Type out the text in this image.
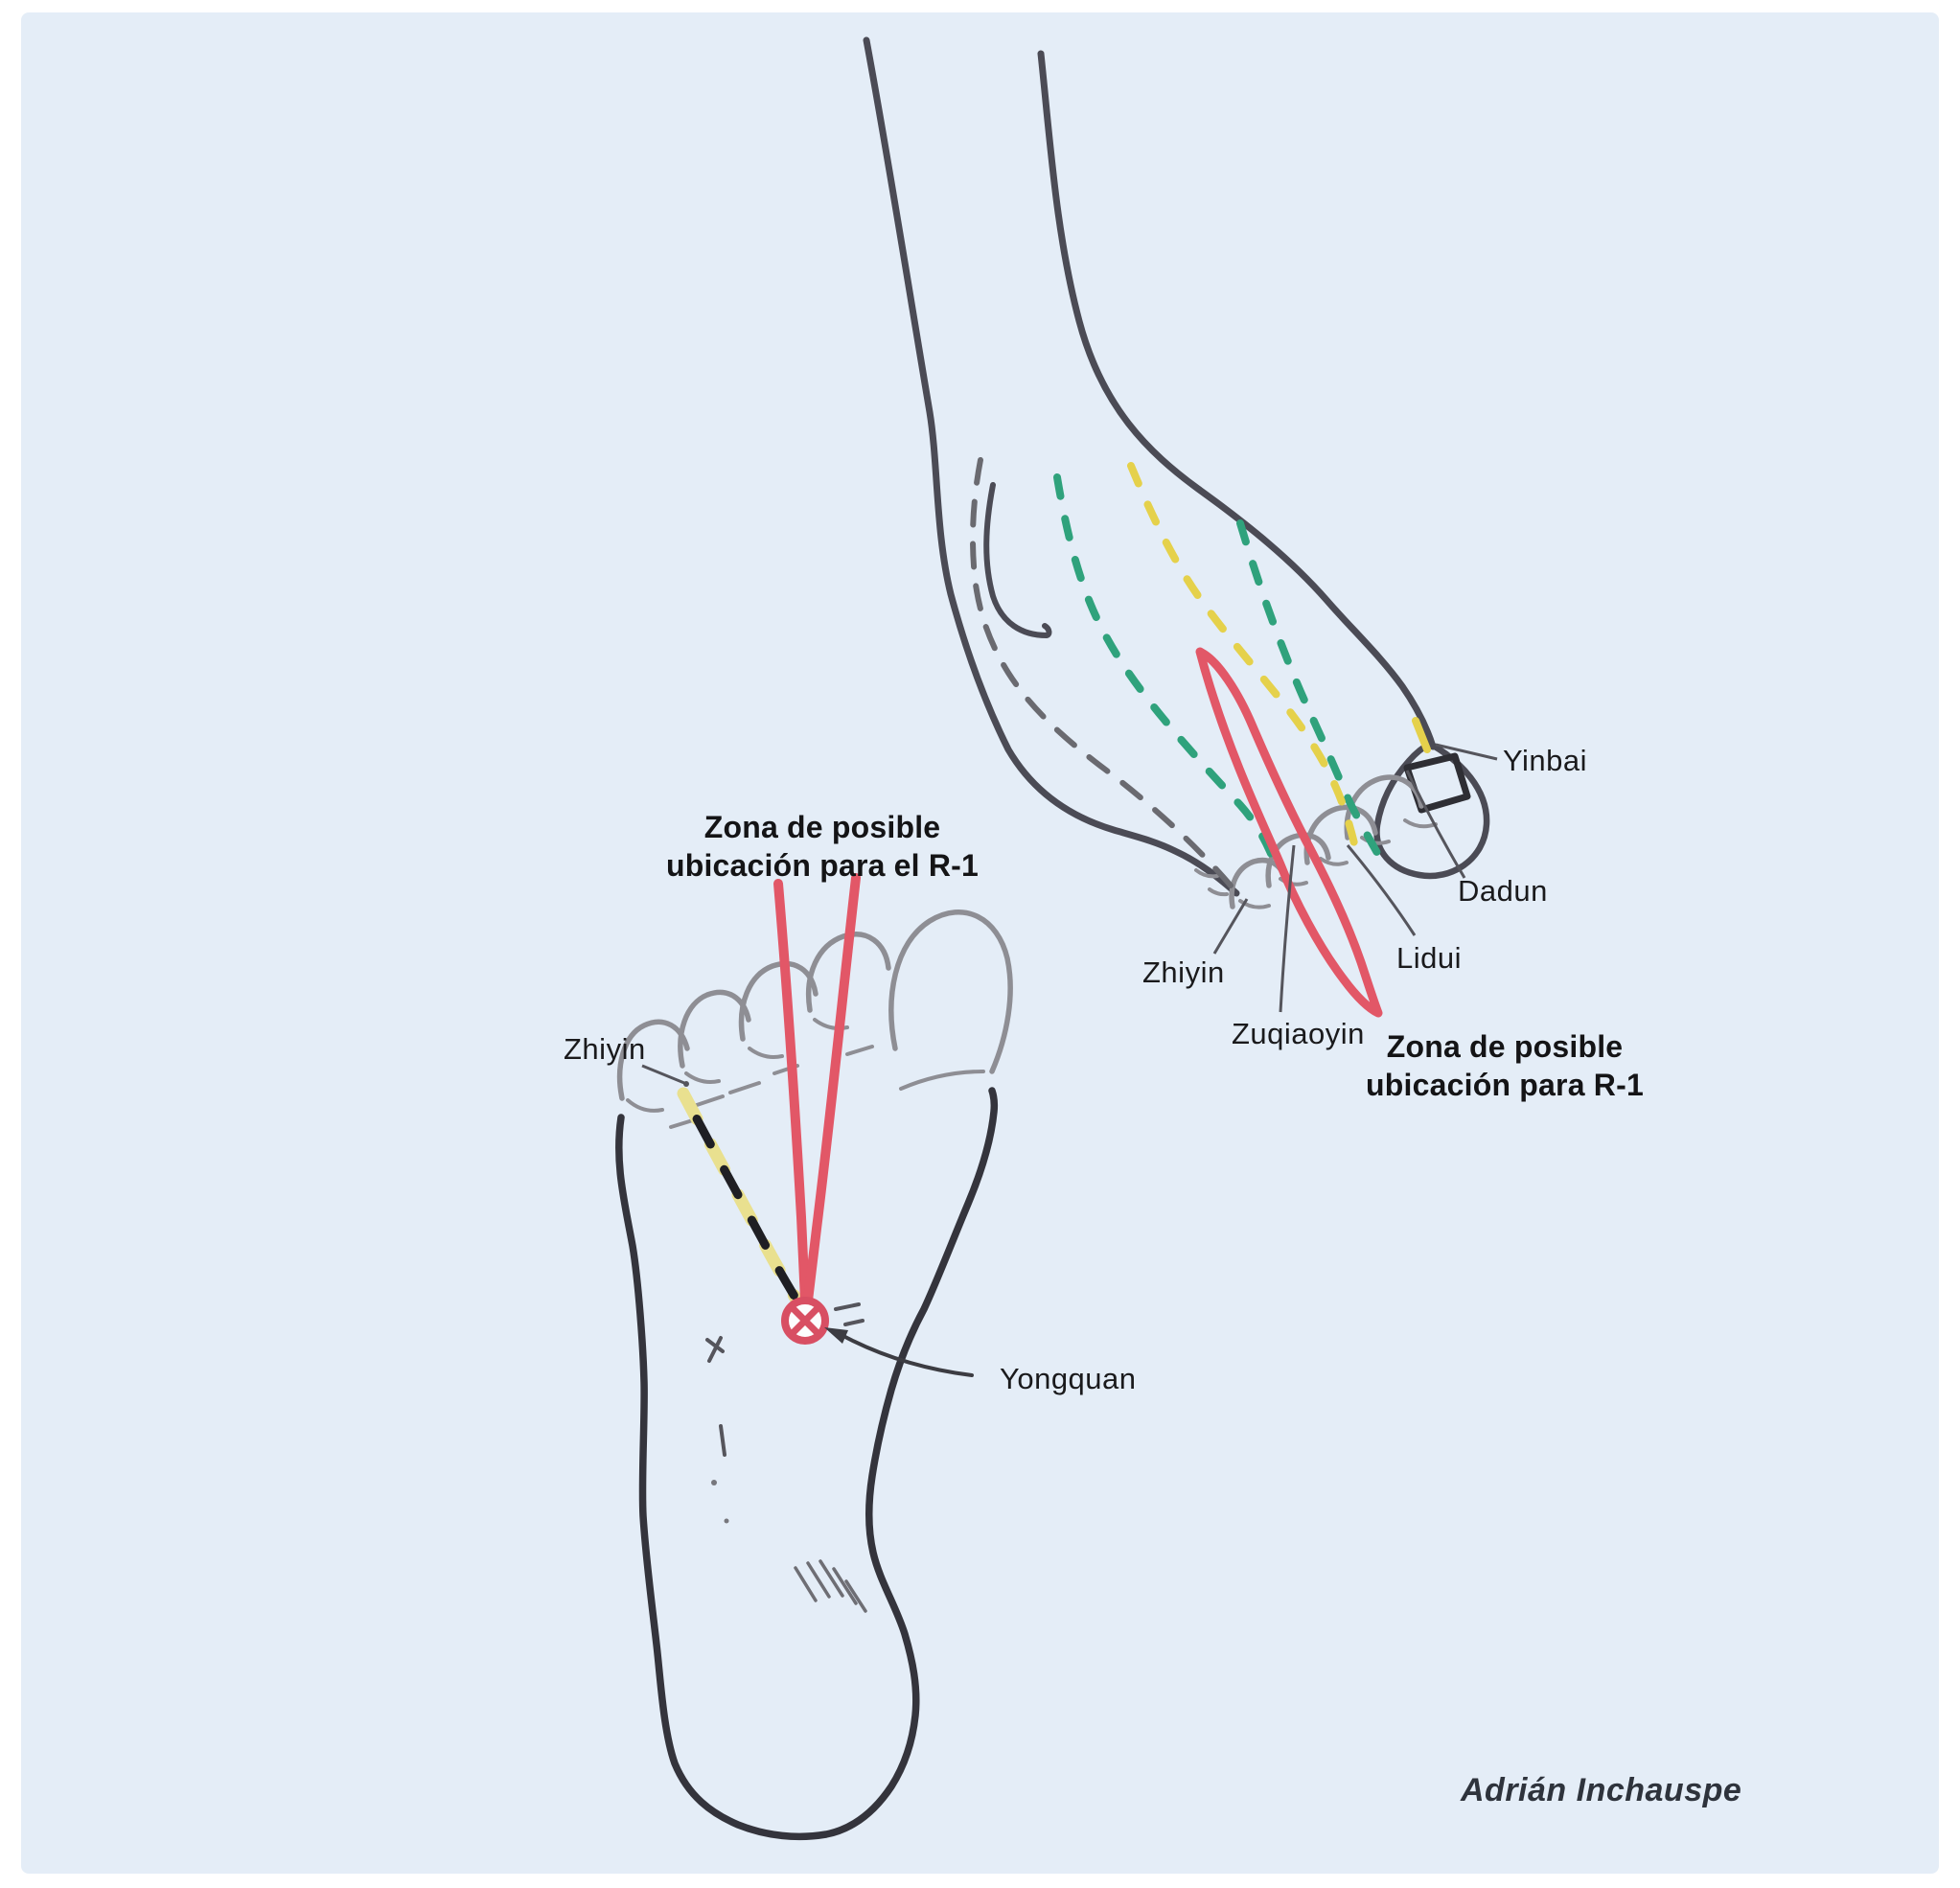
Zona de posible
ubicación para el R-1
Zona de posible
ubicación para R-1
Yinbai
Dadun
Lidui
Zhiyin
Zuqiaoyin
Zhiyin
Yongquan
Adrián Inchauspe
